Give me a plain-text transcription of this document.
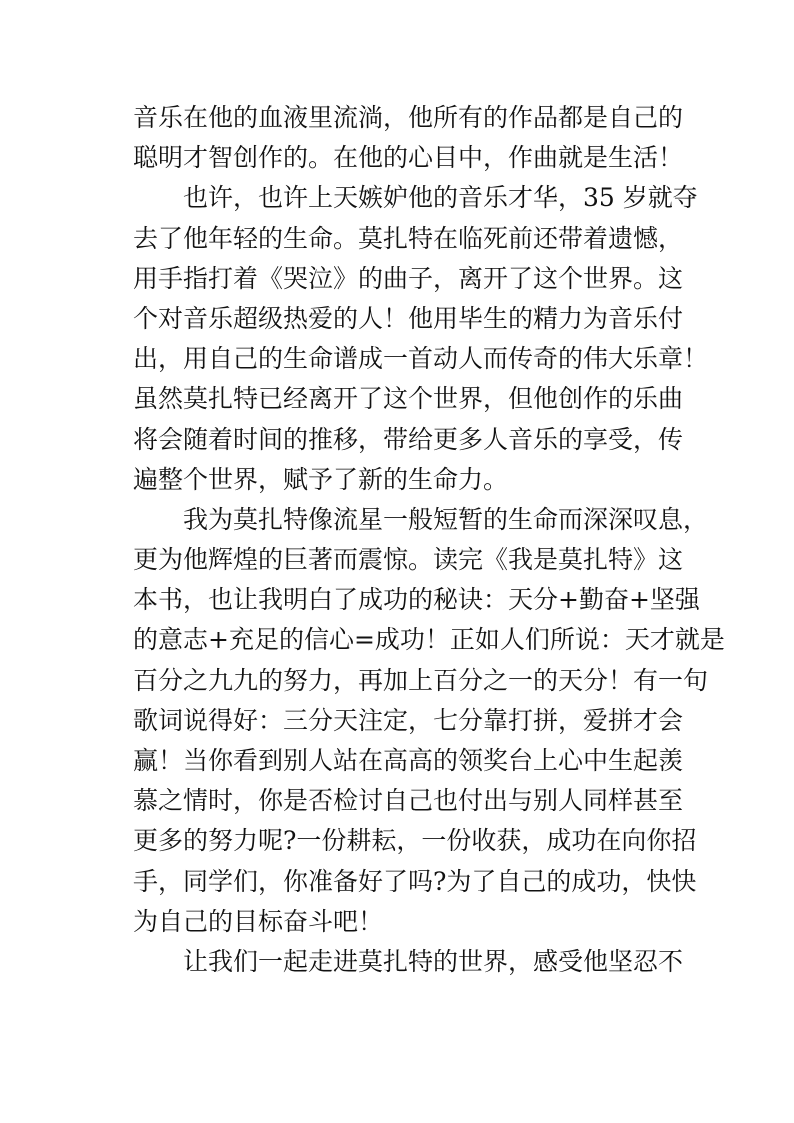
音乐在他的血液里流淌，他所有的作品都是自己的
聪明才智创作的。在他的心目中，作曲就是生活！
也许，也许上天嫉妒他的音乐才华，35 岁就夺
去了他年轻的生命。莫扎特在临死前还带着遗憾，
用手指打着《哭泣》的曲子，离开了这个世界。这
个对音乐超级热爱的人！他用毕生的精力为音乐付
出，用自己的生命谱成一首动人而传奇的伟大乐章！
虽然莫扎特已经离开了这个世界，但他创作的乐曲
将会随着时间的推移，带给更多人音乐的享受，传
遍整个世界，赋予了新的生命力。
我为莫扎特像流星一般短暂的生命而深深叹息，
更为他辉煌的巨著而震惊。读完《我是莫扎特》这
本书，也让我明白了成功的秘诀：天分+勤奋+坚强
的意志+充足的信心=成功！正如人们所说：天才就是
百分之九九的努力，再加上百分之一的天分！有一句
歌词说得好：三分天注定，七分靠打拼，爱拼才会
赢！当你看到别人站在高高的领奖台上心中生起羡
慕之情时，你是否检讨自己也付出与别人同样甚至
更多的努力呢?一份耕耘，一份收获，成功在向你招
手，同学们，你准备好了吗?为了自己的成功，快快
为自己的目标奋斗吧！
让我们一起走进莫扎特的世界，感受他坚忍不
